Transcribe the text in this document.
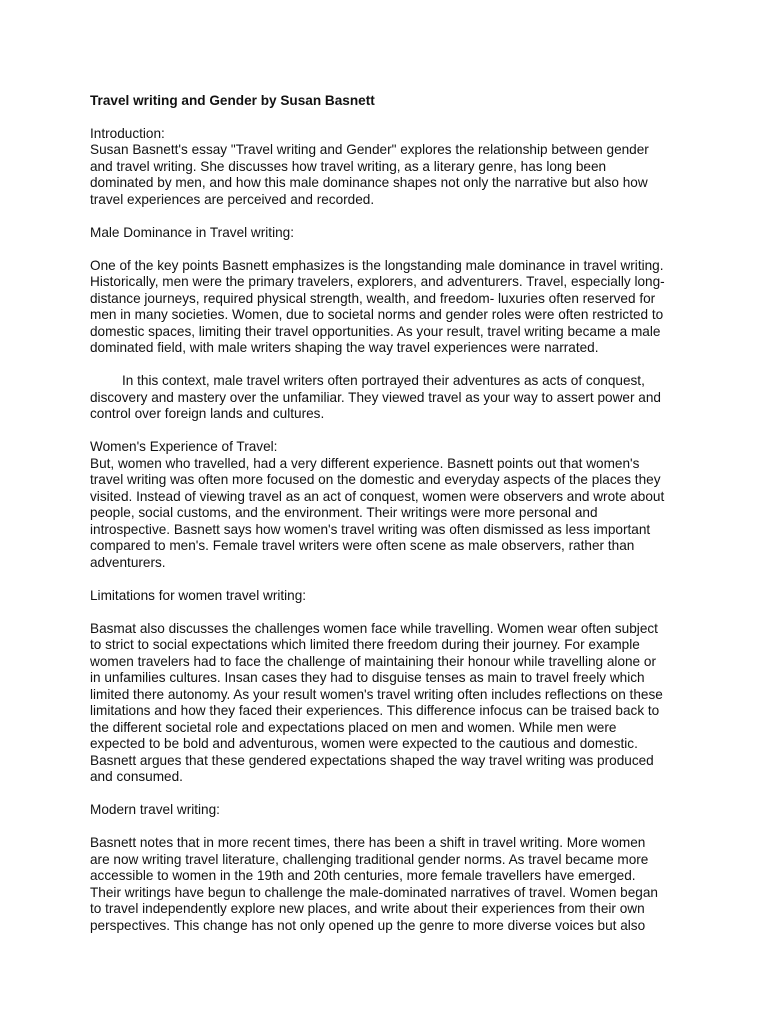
Travel writing and Gender by Susan Basnett
Introduction:
Susan Basnett's essay "Travel writing and Gender" explores the relationship between gender
and travel writing. She discusses how travel writing, as a literary genre, has long been
dominated by men, and how this male dominance shapes not only the narrative but also how
travel experiences are perceived and recorded.
Male Dominance in Travel writing:
One of the key points Basnett emphasizes is the longstanding male dominance in travel writing.
Historically, men were the primary travelers, explorers, and adventurers. Travel, especially long-
distance journeys, required physical strength, wealth, and freedom- luxuries often reserved for
men in many societies. Women, due to societal norms and gender roles were often restricted to
domestic spaces, limiting their travel opportunities. As your result, travel writing became a male
dominated field, with male writers shaping the way travel experiences were narrated.
In this context, male travel writers often portrayed their adventures as acts of conquest,
discovery and mastery over the unfamiliar. They viewed travel as your way to assert power and
control over foreign lands and cultures.
Women's Experience of Travel:
But, women who travelled, had a very different experience. Basnett points out that women's
travel writing was often more focused on the domestic and everyday aspects of the places they
visited. Instead of viewing travel as an act of conquest, women were observers and wrote about
people, social customs, and the environment. Their writings were more personal and
introspective. Basnett says how women's travel writing was often dismissed as less important
compared to men's. Female travel writers were often scene as male observers, rather than
adventurers.
Limitations for women travel writing:
Basmat also discusses the challenges women face while travelling. Women wear often subject
to strict to social expectations which limited there freedom during their journey. For example
women travelers had to face the challenge of maintaining their honour while travelling alone or
in unfamilies cultures. Insan cases they had to disguise tenses as main to travel freely which
limited there autonomy. As your result women's travel writing often includes reflections on these
limitations and how they faced their experiences. This difference infocus can be traised back to
the different societal role and expectations placed on men and women. While men were
expected to be bold and adventurous, women were expected to the cautious and domestic.
Basnett argues that these gendered expectations shaped the way travel writing was produced
and consumed.
Modern travel writing:
Basnett notes that in more recent times, there has been a shift in travel writing. More women
are now writing travel literature, challenging traditional gender norms. As travel became more
accessible to women in the 19th and 20th centuries, more female travellers have emerged.
Their writings have begun to challenge the male-dominated narratives of travel. Women began
to travel independently explore new places, and write about their experiences from their own
perspectives. This change has not only opened up the genre to more diverse voices but also
